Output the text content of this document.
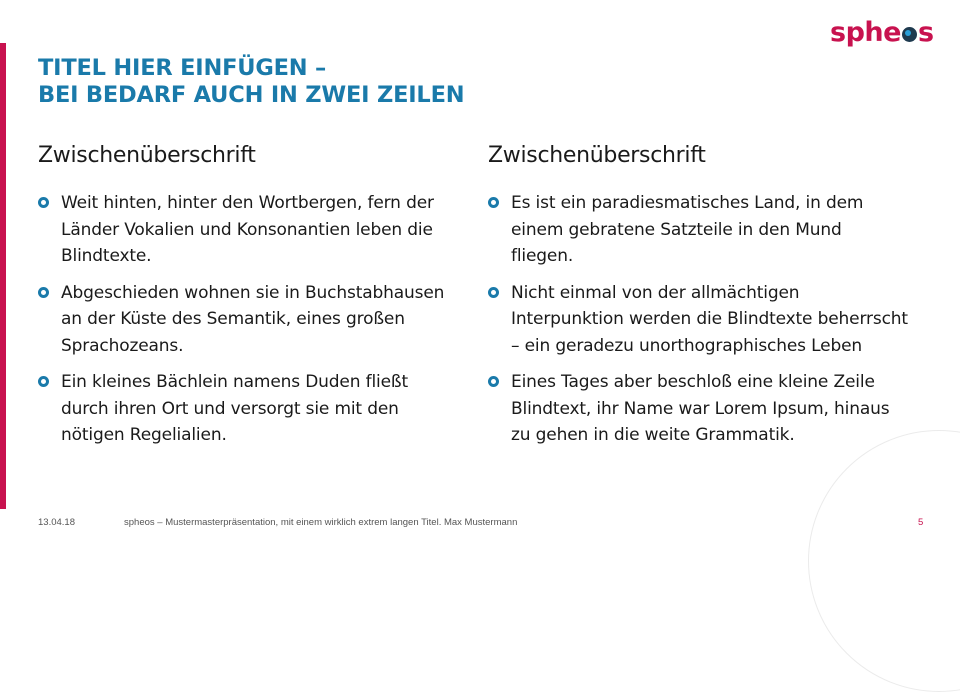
sphe s
TITEL HIER EINFÜGEN –
BEI BEDARF AUCH IN ZWEI ZEILEN
Zwischenüberschrift
Weit hinten, hinter den Wortbergen, fern der Länder Vokalien und Konsonantien leben die Blindtexte.
Abgeschieden wohnen sie in Buchstabhausen an der Küste des Semantik, eines großen Sprachozeans.
Ein kleines Bächlein namens Duden fließt durch ihren Ort und versorgt sie mit den nötigen Regelialien.
Zwischenüberschrift
Es ist ein paradiesmatisches Land, in dem einem gebratene Satzteile in den Mund fliegen.
Nicht einmal von der allmächtigen Interpunktion werden die Blindtexte beherrscht – ein geradezu unorthographisches Leben
Eines Tages aber beschloß eine kleine Zeile Blindtext, ihr Name war Lorem Ipsum, hinaus zu gehen in die weite Grammatik.
13.04.18	spheos – Mustermasterpräsentation, mit einem wirklich extrem langen Titel. Max Mustermann	5
